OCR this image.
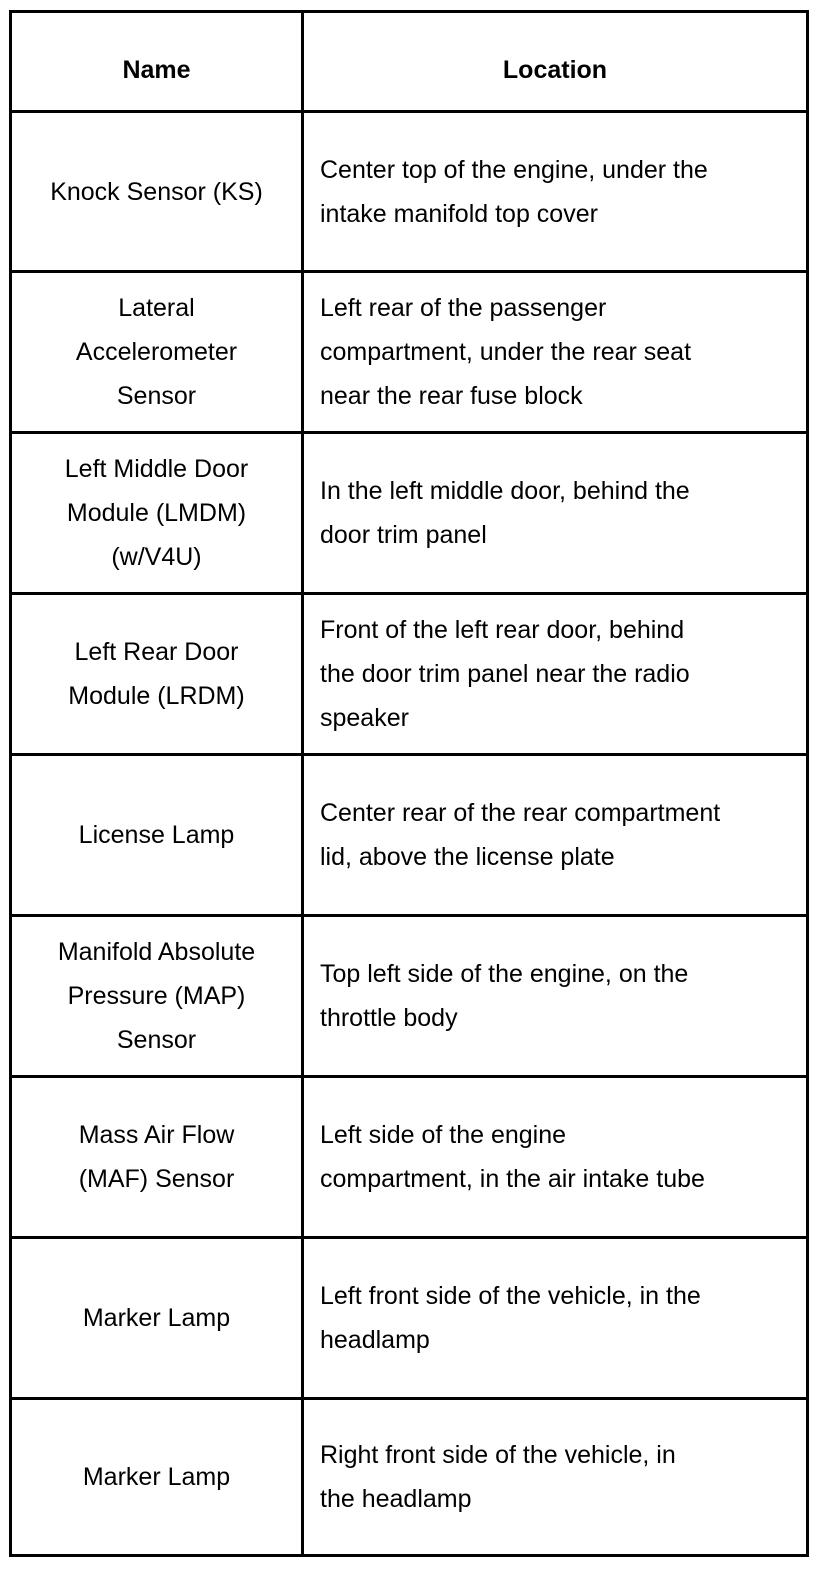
Name	Location
Knock Sensor (KS)
Center top of the engine, under the
intake manifold top cover
Lateral
Accelerometer
Sensor
Left rear of the passenger
compartment, under the rear seat
near the rear fuse block
Left Middle Door
Module (LMDM)
(w/V4U)
In the left middle door, behind the
door trim panel
Left Rear Door
Module (LRDM)
Front of the left rear door, behind
the door trim panel near the radio
speaker
License Lamp
Center rear of the rear compartment
lid, above the license plate
Manifold Absolute
Pressure (MAP)
Sensor
Top left side of the engine, on the
throttle body
Mass Air Flow
(MAF) Sensor
Left side of the engine
compartment, in the air intake tube
Marker Lamp
Left front side of the vehicle, in the
headlamp
Marker Lamp
Right front side of the vehicle, in
the headlamp
